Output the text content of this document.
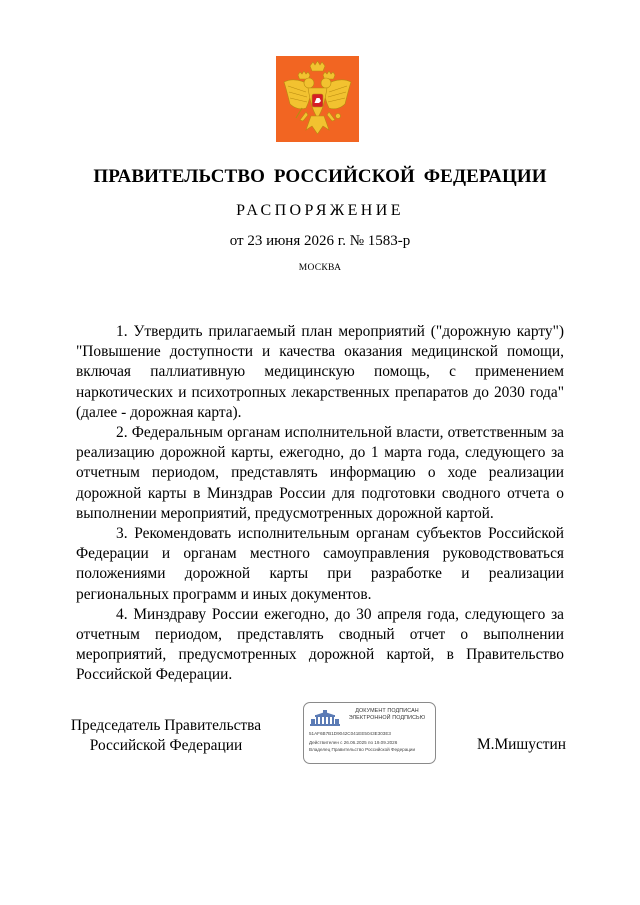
ПРАВИТЕЛЬСТВО РОССИЙСКОЙ ФЕДЕРАЦИИ
РАСПОРЯЖЕНИЕ
от 23 июня 2026 г. № 1583-р
МОСКВА

1. Утвердить прилагаемый план мероприятий ("дорожную карту") "Повышение доступности и качества оказания медицинской помощи, включая паллиативную медицинскую помощь, с применением наркотических и психотропных лекарственных препаратов до 2030 года" (далее - дорожная карта).

2. Федеральным органам исполнительной власти, ответственным за реализацию дорожной карты, ежегодно, до 1 марта года, следующего за отчетным периодом, представлять информацию о ходе реализации дорожной карты в Минздрав России для подготовки сводного отчета о выполнении мероприятий, предусмотренных дорожной картой.

3. Рекомендовать исполнительным органам субъектов Российской Федерации и органам местного самоуправления руководствоваться положениями дорожной карты при разработке и реализации региональных программ и иных документов.

4. Минздраву России ежегодно, до 30 апреля года, следующего за отчетным периодом, представлять сводный отчет о выполнении мероприятий, предусмотренных дорожной картой, в Правительство Российской Федерации.

Председатель Правительства
Российской Федерации
ДОКУМЕНТ ПОДПИСАН
ЭЛЕКТРОННОЙ ПОДПИСЬЮ
51AF6B7B1D9042C041EE5043E303E3
Действителен с 26.06.2025 по 19.09.2026
Владелец Правительство Российской Федерации	М.Мишустин
